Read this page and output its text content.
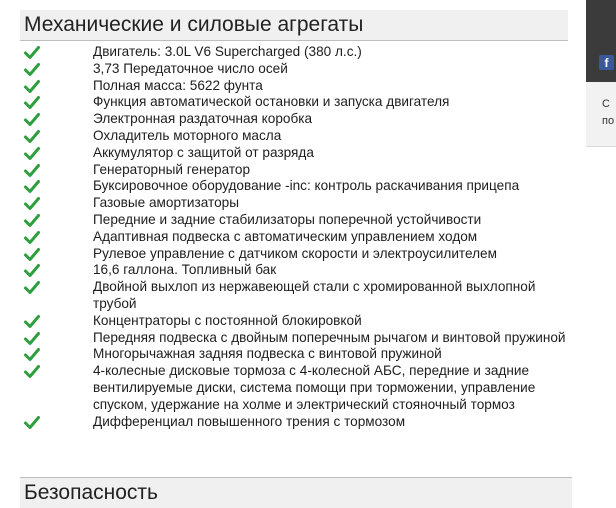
Механические и силовые агрегаты
Двигатель: 3.0L V6 Supercharged (380 л.с.)
3,73 Передаточное число осей
Полная масса: 5622 фунта
Функция автоматической остановки и запуска двигателя
Электронная раздаточная коробка
Охладитель моторного масла
Аккумулятор с защитой от разряда
Генераторный генератор
Буксировочное оборудование -inc: контроль раскачивания прицепа
Газовые амортизаторы
Передние и задние стабилизаторы поперечной устойчивости
Адаптивная подвеска с автоматическим управлением ходом
Рулевое управление с датчиком скорости и электроусилителем
16,6 галлона. Топливный бак
Двойной выхлоп из нержавеющей стали с хромированной выхлопной трубой
Концентраторы с постоянной блокировкой
Передняя подвеска с двойным поперечным рычагом и винтовой пружиной
Многорычажная задняя подвеска с винтовой пружиной
4-колесные дисковые тормоза с 4-колесной АБС, передние и задние вентилируемые диски, система помощи при торможении, управление спуском, удержание на холме и электрический стояночный тормоз
Дифференциал повышенного трения с тормозом
Безопасность
f
С
по
